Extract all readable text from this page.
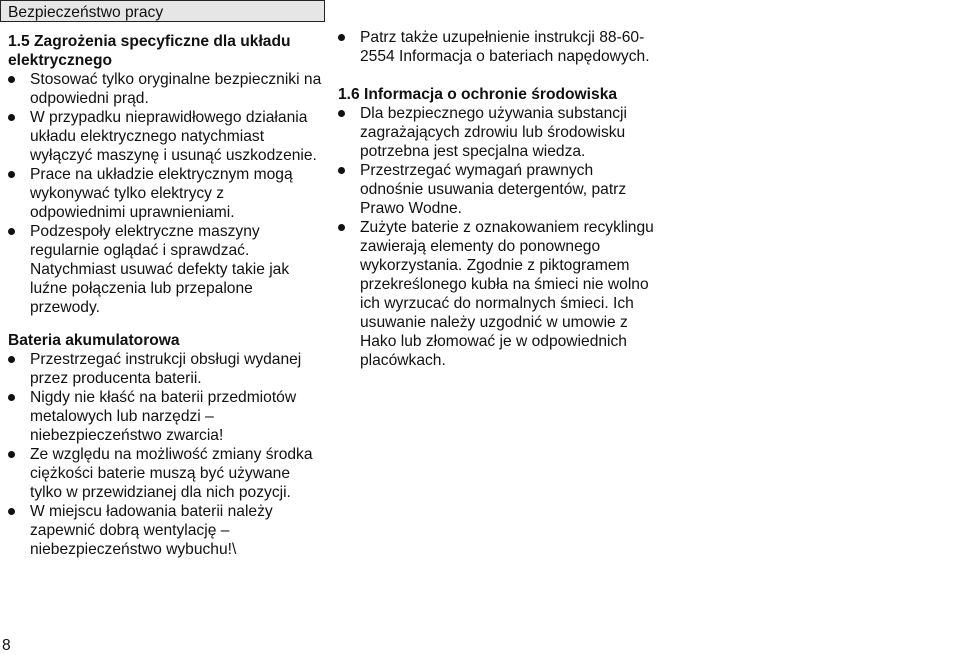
Bezpieczeństwo pracy

1.5 Zagrożenia specyficzne dla układu elektrycznego

Stosować tylko oryginalne bezpieczniki na odpowiedni prąd.
W przypadku nieprawidłowego działania układu elektrycznego natychmiast wyłączyć maszynę i usunąć uszkodzenie.
Prace na układzie elektrycznym mogą wykonywać tylko elektrycy z odpowiednimi uprawnieniami.
Podzespoły elektryczne maszyny regularnie oglądać i sprawdzać. Natychmiast usuwać defekty takie jak luźne połączenia lub przepalone przewody.

Bateria akumulatorowa

Przestrzegać instrukcji obsługi wydanej przez producenta baterii.
Nigdy nie kłaść na baterii przedmiotów metalowych lub narzędzi – niebezpieczeństwo zwarcia!
Ze względu na możliwość zmiany środka ciężkości baterie muszą być używane tylko w przewidzianej dla nich pozycji.
W miejscu ładowania baterii należy zapewnić dobrą wentylację – niebezpieczeństwo wybuchu!\
Patrz także uzupełnienie instrukcji 88-60-2554 Informacja o bateriach napędowych.

1.6 Informacja o ochronie środowiska

Dla bezpiecznego używania substancji zagrażających zdrowiu lub środowisku potrzebna jest specjalna wiedza.
Przestrzegać wymagań prawnych odnośnie usuwania detergentów, patrz Prawo Wodne.
Zużyte baterie z oznakowaniem recyklingu zawierają elementy do ponownego wykorzystania. Zgodnie z piktogramem przekreślonego kubła na śmieci nie wolno ich wyrzucać do normalnych śmieci. Ich usuwanie należy uzgodnić w umowie z Hako lub złomować je w odpowiednich placówkach.
8
